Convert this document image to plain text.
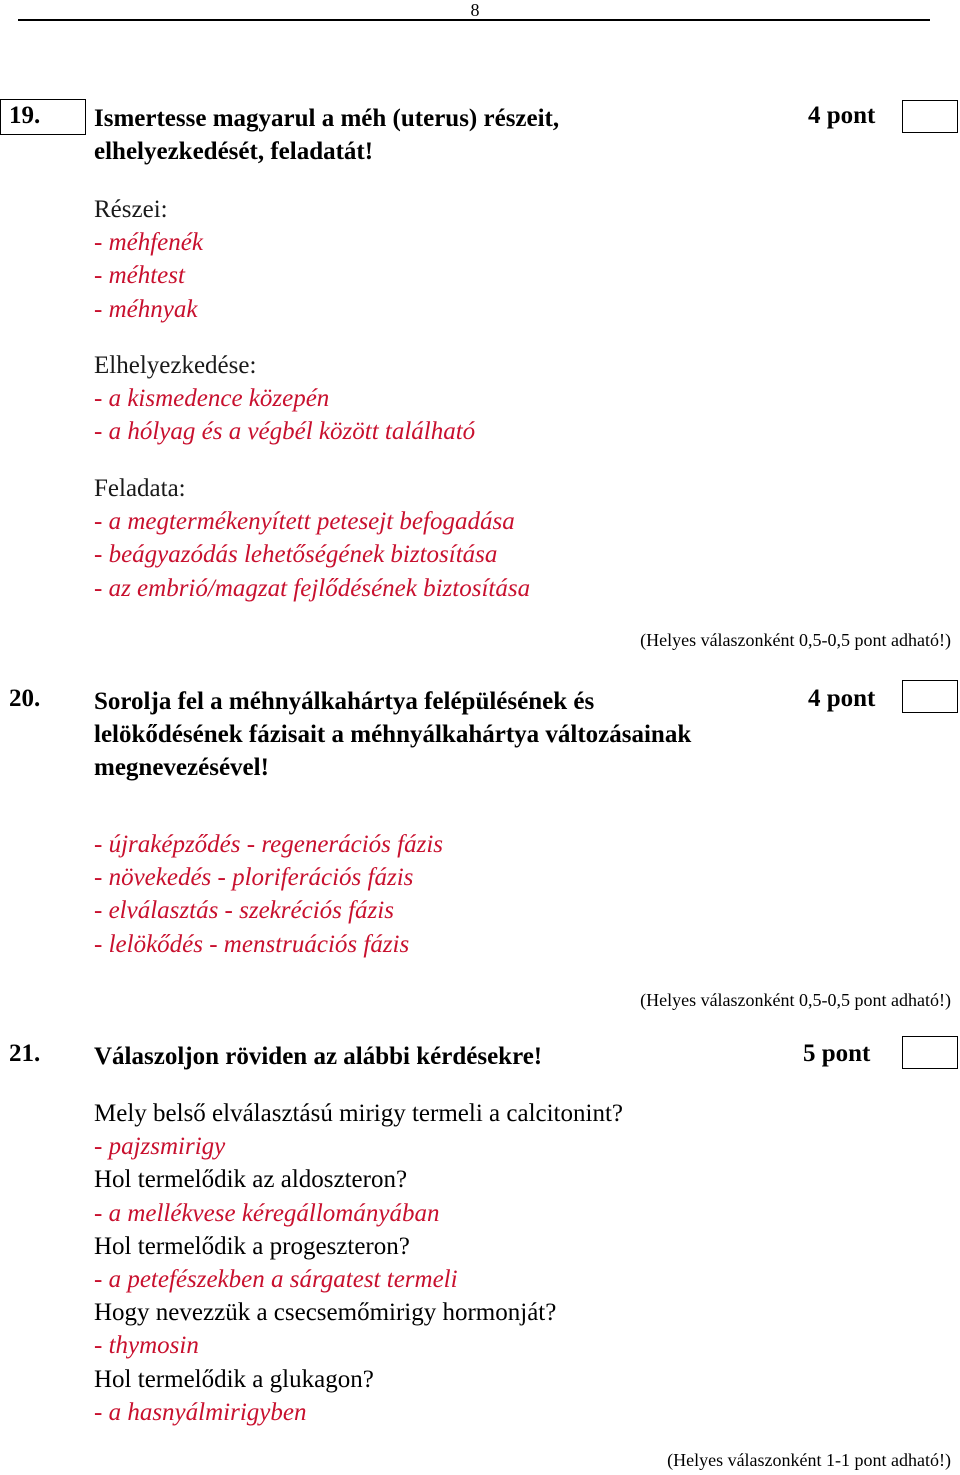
8
19. Ismertesse magyarul a méh (uterus) részeit,
elhelyezkedését, feladatát!
4 pont
Részei:
- méhfenék
- méhtest
- méhnyak
Elhelyezkedése:
- a kismedence közepén
- a hólyag és a végbél között található
Feladata:
- a megtermékenyített petesejt befogadása
- beágyazódás lehetőségének biztosítása
- az embrió/magzat fejlődésének biztosítása
(Helyes válaszonként 0,5-0,5 pont adható!)
20. Sorolja fel a méhnyálkahártya felépülésének és
lelökődésének fázisait a méhnyálkahártya változásainak
megnevezésével!
4 pont
- újraképződés - regenerációs fázis
- növekedés - ploriferációs fázis
- elválasztás - szekréciós fázis
- lelökődés - menstruációs fázis
(Helyes válaszonként 0,5-0,5 pont adható!)
21. Válaszoljon röviden az alábbi kérdésekre!	5 pont
Mely belső elválasztású mirigy termeli a calcitonint?
- pajzsmirigy
Hol termelődik az aldoszteron?
- a mellékvese kéregállományában
Hol termelődik a progeszteron?
- a petefészekben a sárgatest termeli
Hogy nevezzük a csecsemőmirigy hormonját?
- thymosin
Hol termelődik a glukagon?
- a hasnyálmirigyben
(Helyes válaszonként 1-1 pont adható!)
